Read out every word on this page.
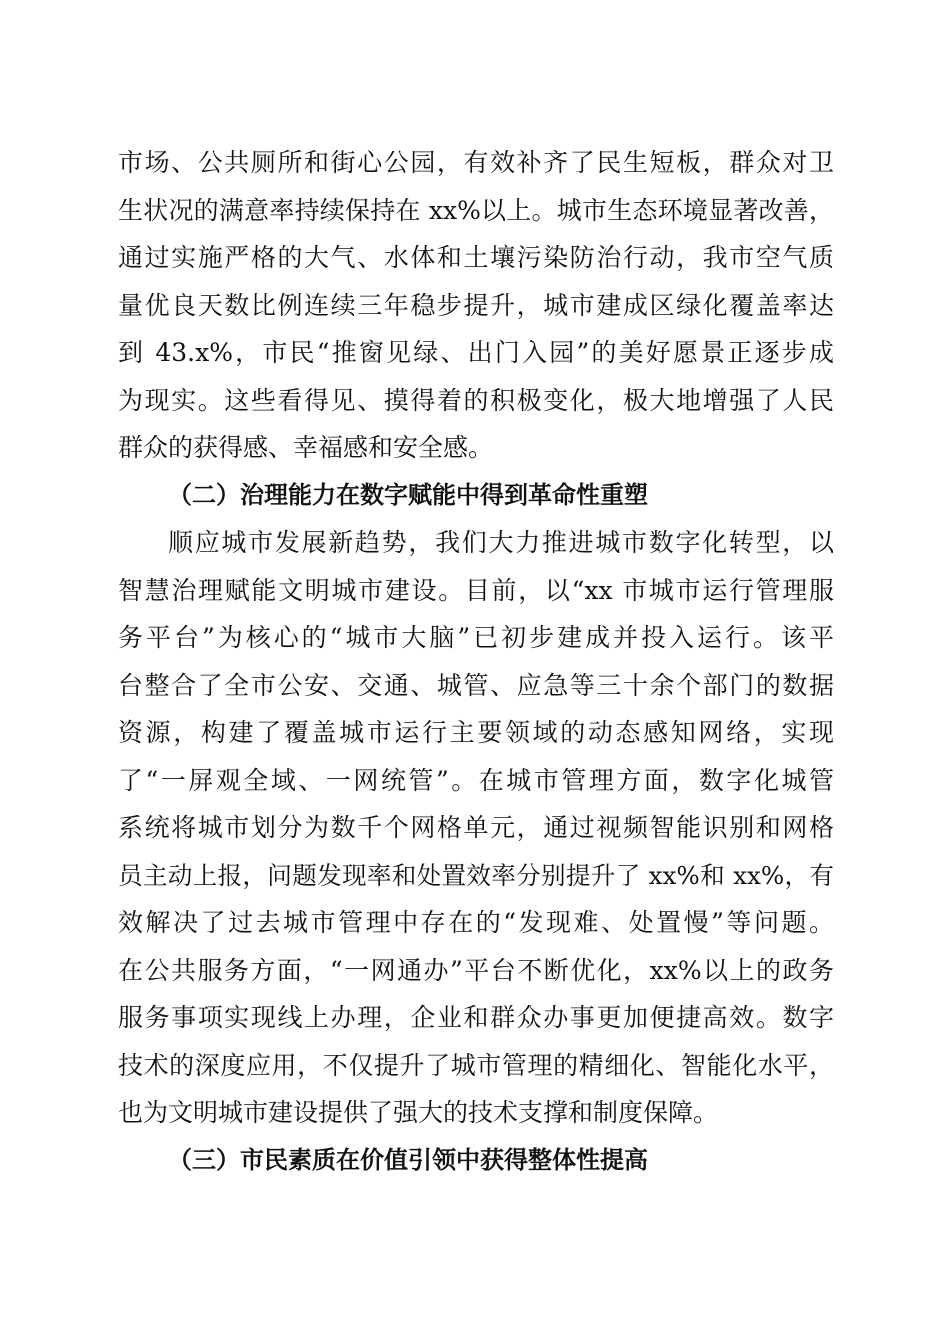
市场、公共厕所和街心公园，有效补齐了民生短板，群众对卫
生状况的满意率持续保持在 xx%以上。城市生态环境显著改善，
通过实施严格的大气、水体和土壤污染防治行动，我市空气质
量优良天数比例连续三年稳步提升，城市建成区绿化覆盖率达
到 43.x%，市民“推窗见绿、出门入园”的美好愿景正逐步成
为现实。这些看得见、摸得着的积极变化，极大地增强了人民
群众的获得感、幸福感和安全感。
（二）治理能力在数字赋能中得到革命性重塑
顺应城市发展新趋势，我们大力推进城市数字化转型，以
智慧治理赋能文明城市建设。目前，以“xx 市城市运行管理服
务平台”为核心的“城市大脑”已初步建成并投入运行。该平
台整合了全市公安、交通、城管、应急等三十余个部门的数据
资源，构建了覆盖城市运行主要领域的动态感知网络，实现
了“一屏观全域、一网统管”。在城市管理方面，数字化城管
系统将城市划分为数千个网格单元，通过视频智能识别和网格
员主动上报，问题发现率和处置效率分别提升了 xx%和 xx%，有
效解决了过去城市管理中存在的“发现难、处置慢”等问题。
在公共服务方面，“一网通办”平台不断优化，xx%以上的政务
服务事项实现线上办理，企业和群众办事更加便捷高效。数字
技术的深度应用，不仅提升了城市管理的精细化、智能化水平，
也为文明城市建设提供了强大的技术支撑和制度保障。
（三）市民素质在价值引领中获得整体性提高
